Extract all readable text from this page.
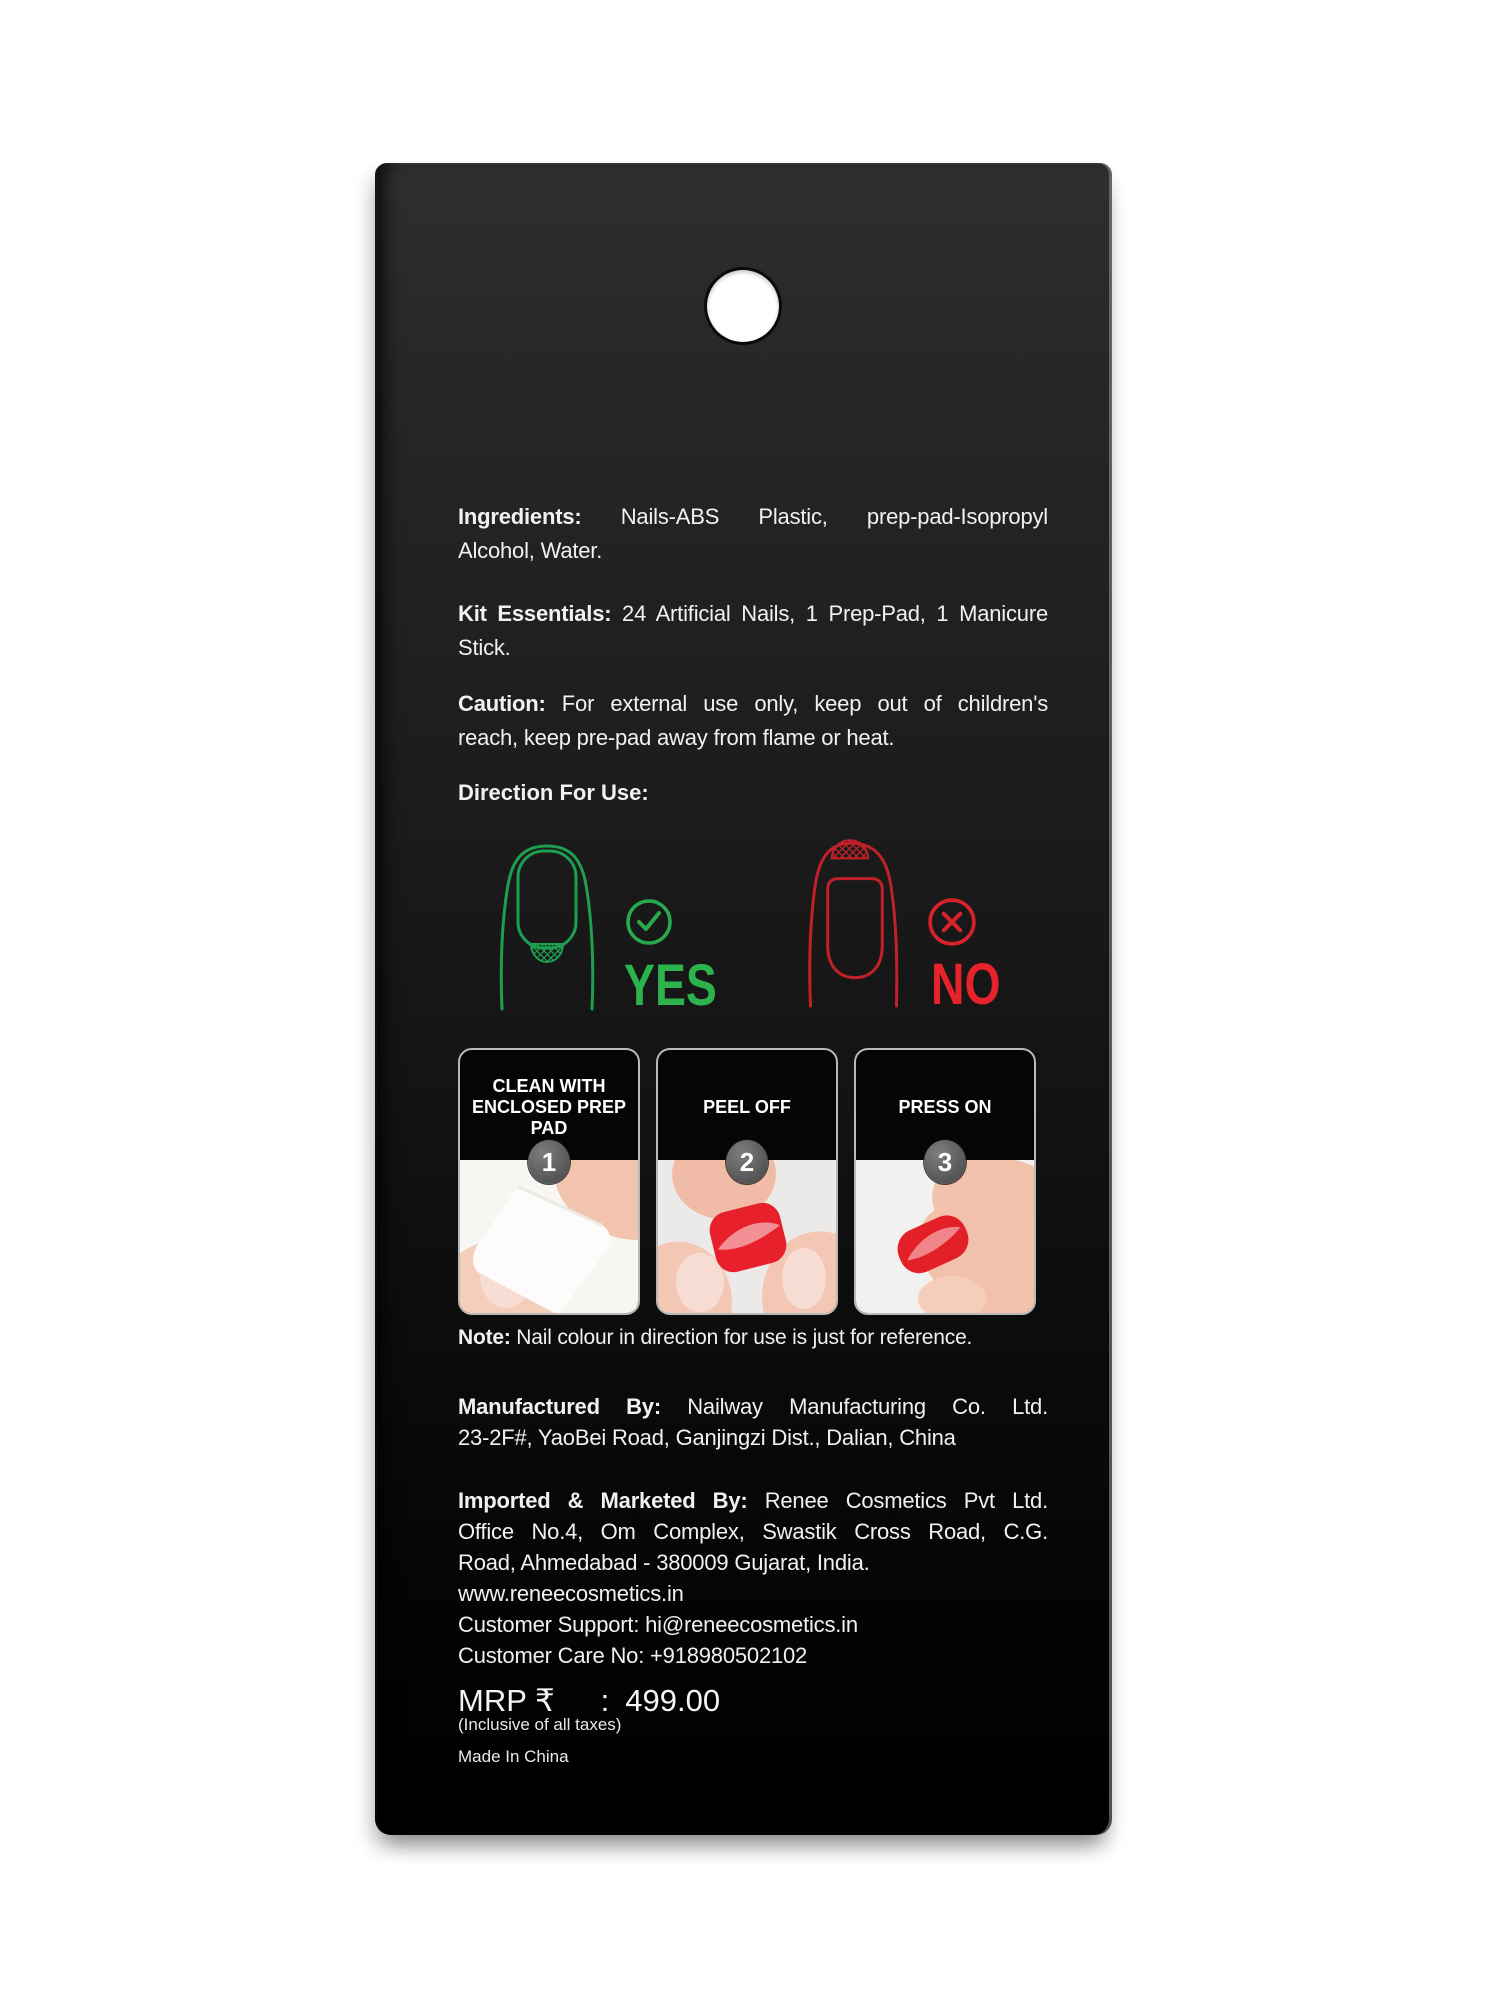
Ingredients: Nails-ABS Plastic, prep-pad-Isopropyl
Alcohol, Water.
Kit Essentials: 24 Artificial Nails, 1 Prep-Pad, 1 Manicure
Stick.
Caution: For external use only, keep out of children's
reach, keep pre-pad away from flame or heat.
Direction For Use:
YES	NO
CLEAN WITH ENCLOSED PREP PAD
1
PEEL OFF
2
PRESS ON
3
Note: Nail colour in direction for use is just for reference.
Manufactured By: Nailway Manufacturing Co. Ltd.
23-2F#, YaoBei Road, Ganjingzi Dist., Dalian, China
Imported & Marketed By: Renee Cosmetics Pvt Ltd.
Office No.4, Om Complex, Swastik Cross Road, C.G.
Road, Ahmedabad - 380009 Gujarat, India.
www.reneecosmetics.in
Customer Support: hi@reneecosmetics.in
Customer Care No: +918980502102
MRP ₹ : 499.00
(Inclusive of all taxes)
Made In China
